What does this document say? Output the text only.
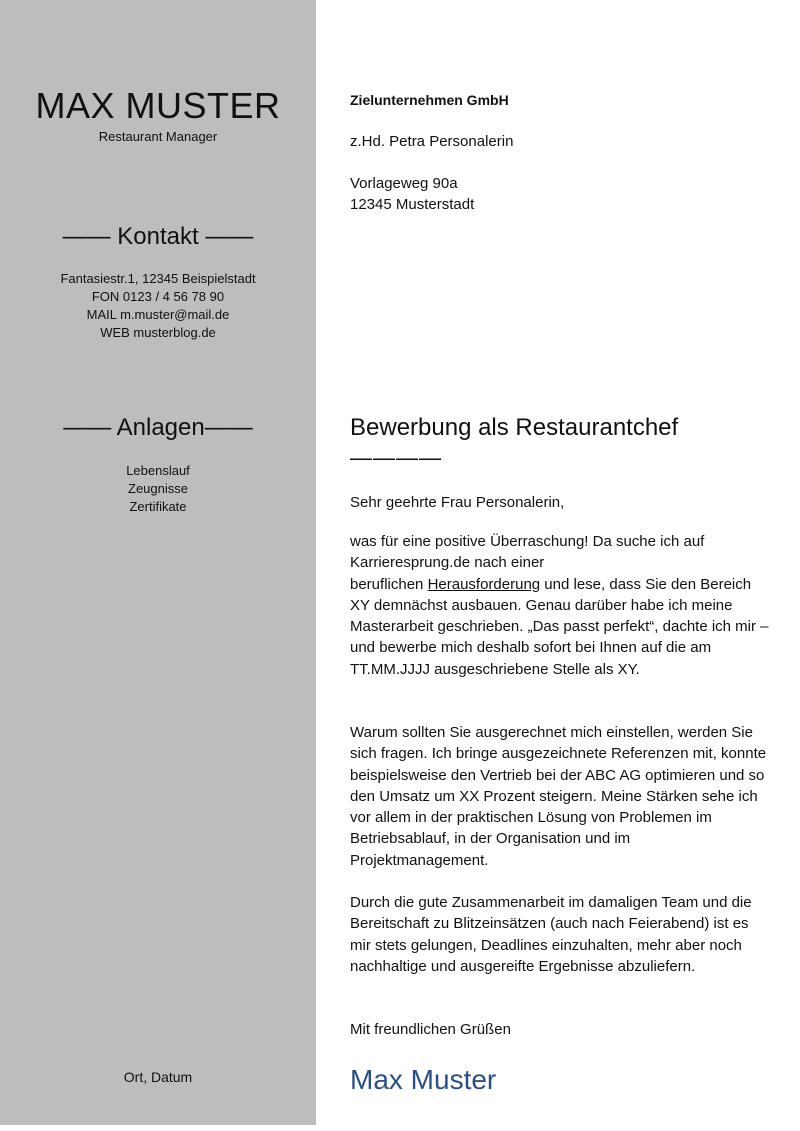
MAX MUSTER
Restaurant Manager
—— Kontakt ——
Fantasiestr.1, 12345 Beispielstadt
FON 0123 / 4 56 78 90
MAIL m.muster@mail.de
WEB musterblog.de
—— Anlagen——
Lebenslauf
Zeugnisse
Zertifikate
Ort, Datum
Zielunternehmen GmbH
z.Hd. Petra Personalerin
Vorlageweg 90a
12345 Musterstadt
Bewerbung als Restaurantchef
————
Sehr geehrte Frau Personalerin,
was für eine positive Überraschung! Da suche ich auf Karrieresprung.de nach einer
beruflichen Herausforderung und lese, dass Sie den Bereich XY demnächst ausbauen. Genau darüber habe ich meine Masterarbeit geschrieben. „Das passt perfekt“, dachte ich mir – und bewerbe mich deshalb sofort bei Ihnen auf die am TT.MM.JJJJ ausgeschriebene Stelle als XY.
Warum sollten Sie ausgerechnet mich einstellen, werden Sie sich fragen. Ich bringe ausgezeichnete Referenzen mit, konnte beispielsweise den Vertrieb bei der ABC AG optimieren und so den Umsatz um XX Prozent steigern. Meine Stärken sehe ich vor allem in der praktischen Lösung von Problemen im Betriebsablauf, in der Organisation und im Projektmanagement.
Durch die gute Zusammenarbeit im damaligen Team und die Bereitschaft zu Blitzeinsätzen (auch nach Feierabend) ist es mir stets gelungen, Deadlines einzuhalten, mehr aber noch nachhaltige und ausgereifte Ergebnisse abzuliefern.
Mit freundlichen Grüßen
Max Muster
